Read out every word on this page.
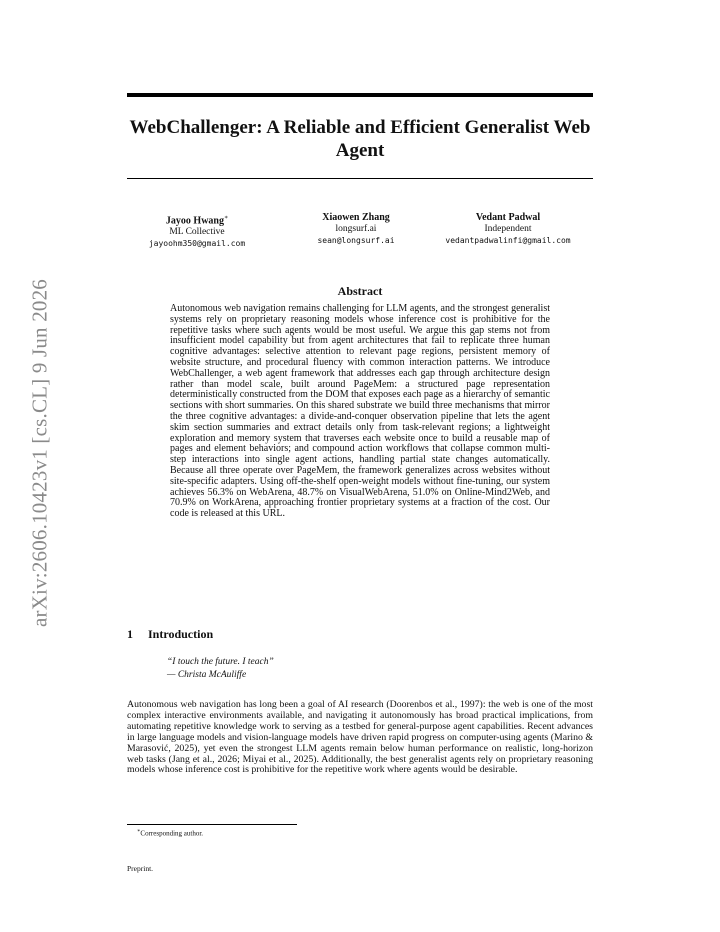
arXiv:2606.10423v1 [cs.CL] 9 Jun 2026
WebChallenger: A Reliable and Efficient Generalist Web Agent
Jayoo Hwang∗
ML Collective
jayoohm350@gmail.com
Xiaowen Zhang
longsurf.ai
sean@longsurf.ai
Vedant Padwal
Independent
vedantpadwalinfi@gmail.com
Abstract
Autonomous web navigation remains challenging for LLM agents, and the strongest generalist systems rely on proprietary reasoning models whose inference cost is prohibitive for the repetitive tasks where such agents would be most useful. We argue this gap stems not from insufficient model capability but from agent architectures that fail to replicate three human cognitive advantages: selective attention to relevant page regions, persistent memory of website structure, and procedural fluency with common interaction patterns. We introduce WebChallenger, a web agent framework that addresses each gap through architecture design rather than model scale, built around PageMem: a structured page representation deterministically constructed from the DOM that exposes each page as a hierarchy of semantic sections with short summaries. On this shared substrate we build three mechanisms that mirror the three cognitive advantages: a divide-and-conquer observation pipeline that lets the agent skim section summaries and extract details only from task-relevant regions; a lightweight exploration and memory system that traverses each website once to build a reusable map of pages and element behaviors; and compound action workflows that collapse common multi-step interactions into single agent actions, handling partial state changes automatically. Because all three operate over PageMem, the framework generalizes across websites without site-specific adapters. Using off-the-shelf open-weight models without fine-tuning, our system achieves 56.3% on WebArena, 48.7% on VisualWebArena, 51.0% on Online-Mind2Web, and 70.9% on WorkArena, approaching frontier proprietary systems at a fraction of the cost. Our code is released at this URL.
1 Introduction
“I touch the future. I teach”
— Christa McAuliffe
Autonomous web navigation has long been a goal of AI research (Doorenbos et al., 1997): the web is one of the most complex interactive environments available, and navigating it autonomously has broad practical implications, from automating repetitive knowledge work to serving as a testbed for general-purpose agent capabilities. Recent advances in large language models and vision-language models have driven rapid progress on computer-using agents (Marino & Marasović, 2025), yet even the strongest LLM agents remain below human performance on realistic, long-horizon web tasks (Jang et al., 2026; Miyai et al., 2025). Additionally, the best generalist agents rely on proprietary reasoning models whose inference cost is prohibitive for the repetitive work where agents would be desirable.
∗Corresponding author.
Preprint.
